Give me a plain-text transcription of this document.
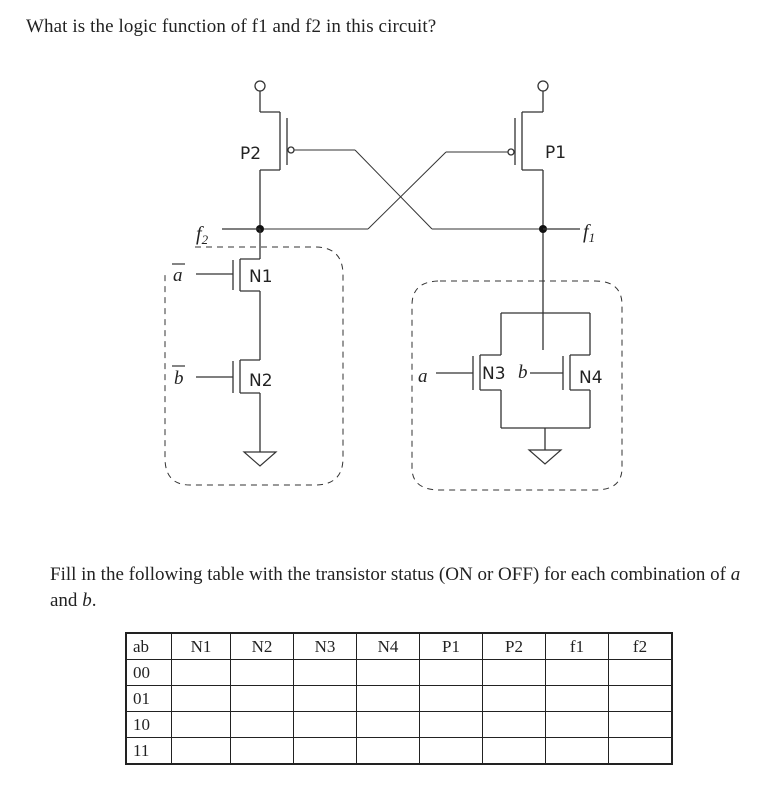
What is the logic function of f1 and f2 in this circuit?
P2	P1
$f_2$	$f_1$
N1
a
N2
b	N3	N4
a	b
Fill in the following table with the transistor status (ON or OFF) for each combination of a and b.
ab	N1	N2	N3	N4	P1	P2	f1	f2
00								
01								
10								
11								
